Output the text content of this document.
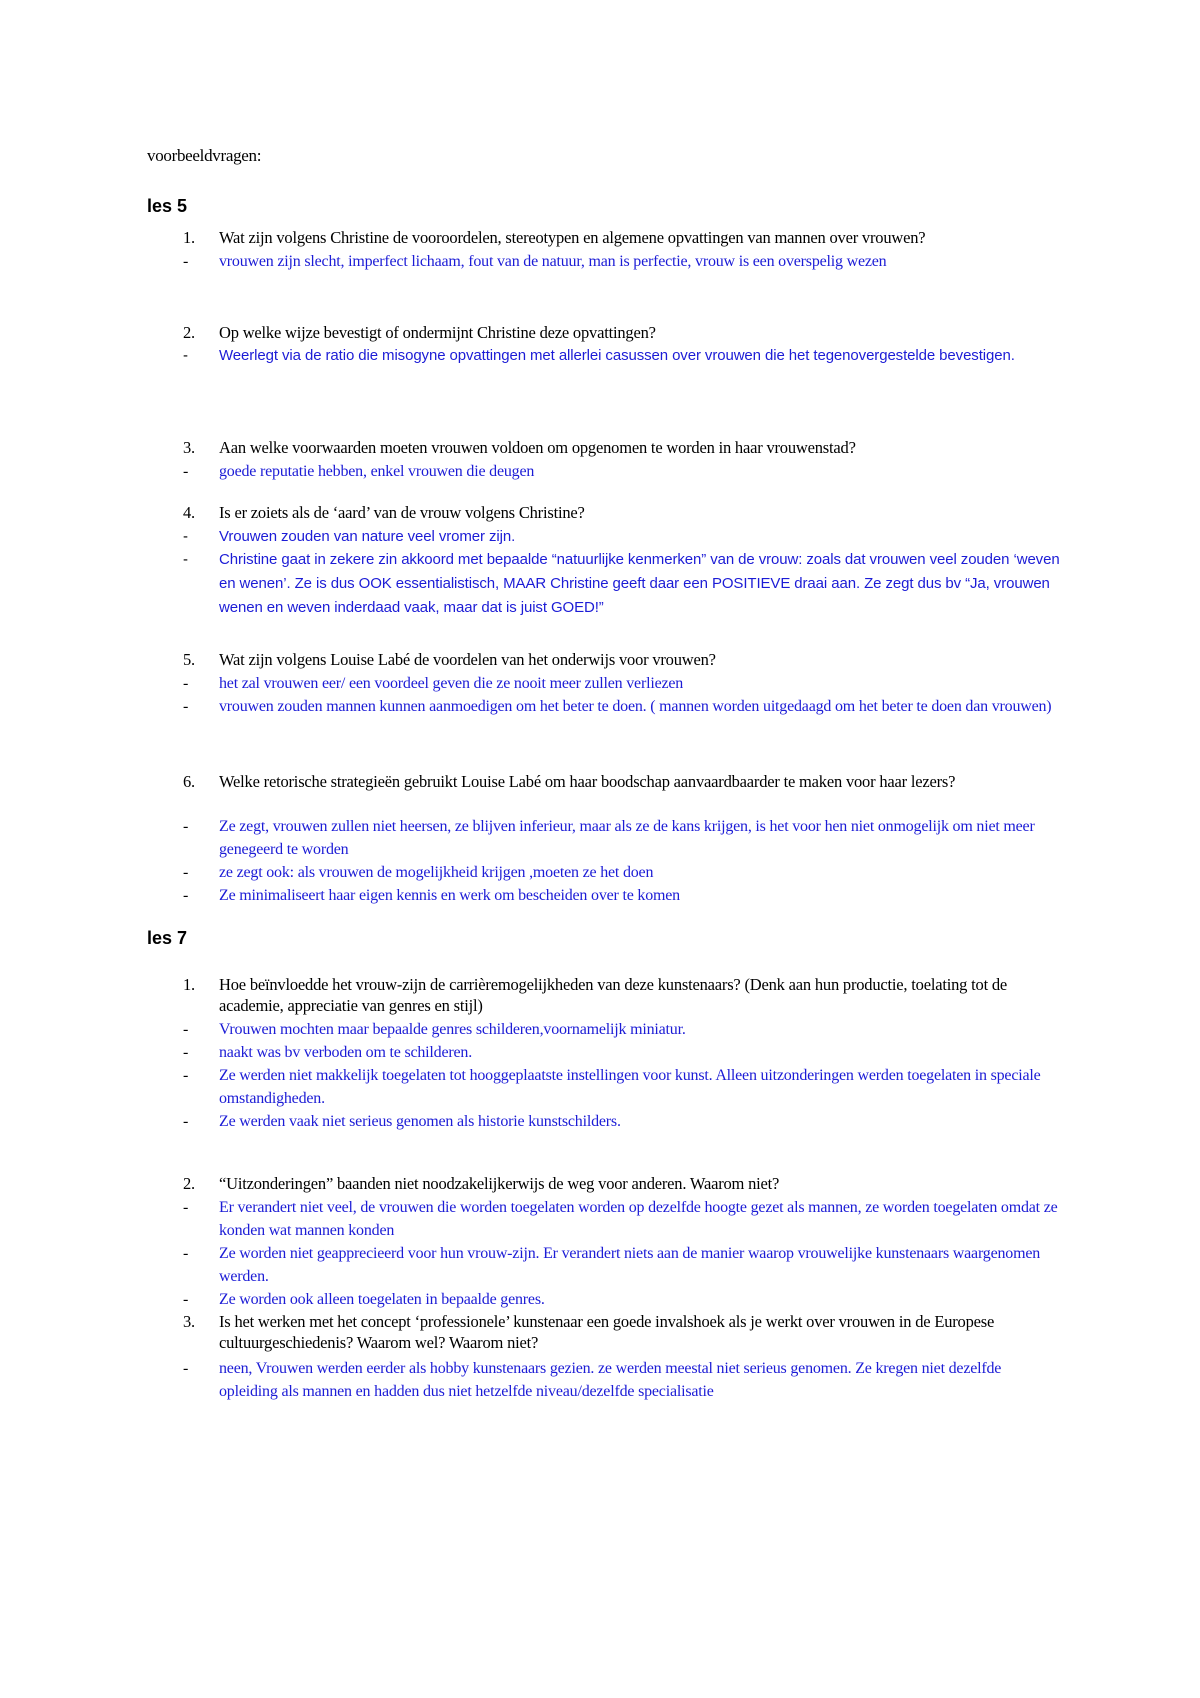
voorbeeldvragen:
les 5
1.	Wat zijn volgens Christine de vooroordelen, stereotypen en algemene opvattingen van mannen over vrouwen?
-	vrouwen zijn slecht, imperfect lichaam, fout van de natuur, man is perfectie, vrouw is een overspelig wezen
2.	Op welke wijze bevestigt of ondermijnt Christine deze opvattingen?
-	Weerlegt via de ratio die misogyne opvattingen met allerlei casussen over vrouwen die het tegenovergestelde bevestigen.
3.	Aan welke voorwaarden moeten vrouwen voldoen om opgenomen te worden in haar vrouwenstad?
-	goede reputatie hebben, enkel vrouwen die deugen
4.	Is er zoiets als de ‘aard’ van de vrouw volgens Christine?
-	Vrouwen zouden van nature veel vromer zijn.
-	Christine gaat in zekere zin akkoord met bepaalde “natuurlijke kenmerken” van de vrouw: zoals dat vrouwen veel zouden ‘weven en wenen’. Ze is dus OOK essentialistisch, MAAR Christine geeft daar een POSITIEVE draai aan. Ze zegt dus bv “Ja, vrouwen wenen en weven inderdaad vaak, maar dat is juist GOED!”
5.	Wat zijn volgens Louise Labé de voordelen van het onderwijs voor vrouwen?
-	het zal vrouwen eer/ een voordeel geven die ze nooit meer zullen verliezen
-	vrouwen zouden mannen kunnen aanmoedigen om het beter te doen. ( mannen worden uitgedaagd om het beter te doen dan vrouwen)
6.	Welke retorische strategieën gebruikt Louise Labé om haar boodschap aanvaardbaarder te maken voor haar lezers?
-	Ze zegt, vrouwen zullen niet heersen, ze blijven inferieur, maar als ze de kans krijgen, is het voor hen niet onmogelijk om niet meer genegeerd te worden
-	ze zegt ook: als vrouwen de mogelijkheid krijgen ,moeten ze het doen
-	Ze minimaliseert haar eigen kennis en werk om bescheiden over te komen
les 7
1.	Hoe beïnvloedde het vrouw-zijn de carrièremogelijkheden van deze kunstenaars? (Denk aan hun productie, toelating tot de academie, appreciatie van genres en stijl)
-	Vrouwen mochten maar bepaalde genres schilderen,voornamelijk miniatur.
-	naakt was bv verboden om te schilderen.
-	Ze werden niet makkelijk toegelaten tot hooggeplaatste instellingen voor kunst. Alleen uitzonderingen werden toegelaten in speciale omstandigheden.
-	Ze werden vaak niet serieus genomen als historie kunstschilders.
2.	“Uitzonderingen” baanden niet noodzakelijkerwijs de weg voor anderen. Waarom niet?
-	Er verandert niet veel, de vrouwen die worden toegelaten worden op dezelfde hoogte gezet als mannen, ze worden toegelaten omdat ze konden wat mannen konden
-	Ze worden niet geapprecieerd voor hun vrouw-zijn. Er verandert niets aan de manier waarop vrouwelijke kunstenaars waargenomen werden.
-	Ze worden ook alleen toegelaten in bepaalde genres.
3.	Is het werken met het concept ‘professionele’ kunstenaar een goede invalshoek als je werkt over vrouwen in de Europese cultuurgeschiedenis? Waarom wel? Waarom niet?
-	neen, Vrouwen werden eerder als hobby kunstenaars gezien. ze werden meestal niet serieus genomen. Ze kregen niet dezelfde opleiding als mannen en hadden dus niet hetzelfde niveau/dezelfde specialisatie
